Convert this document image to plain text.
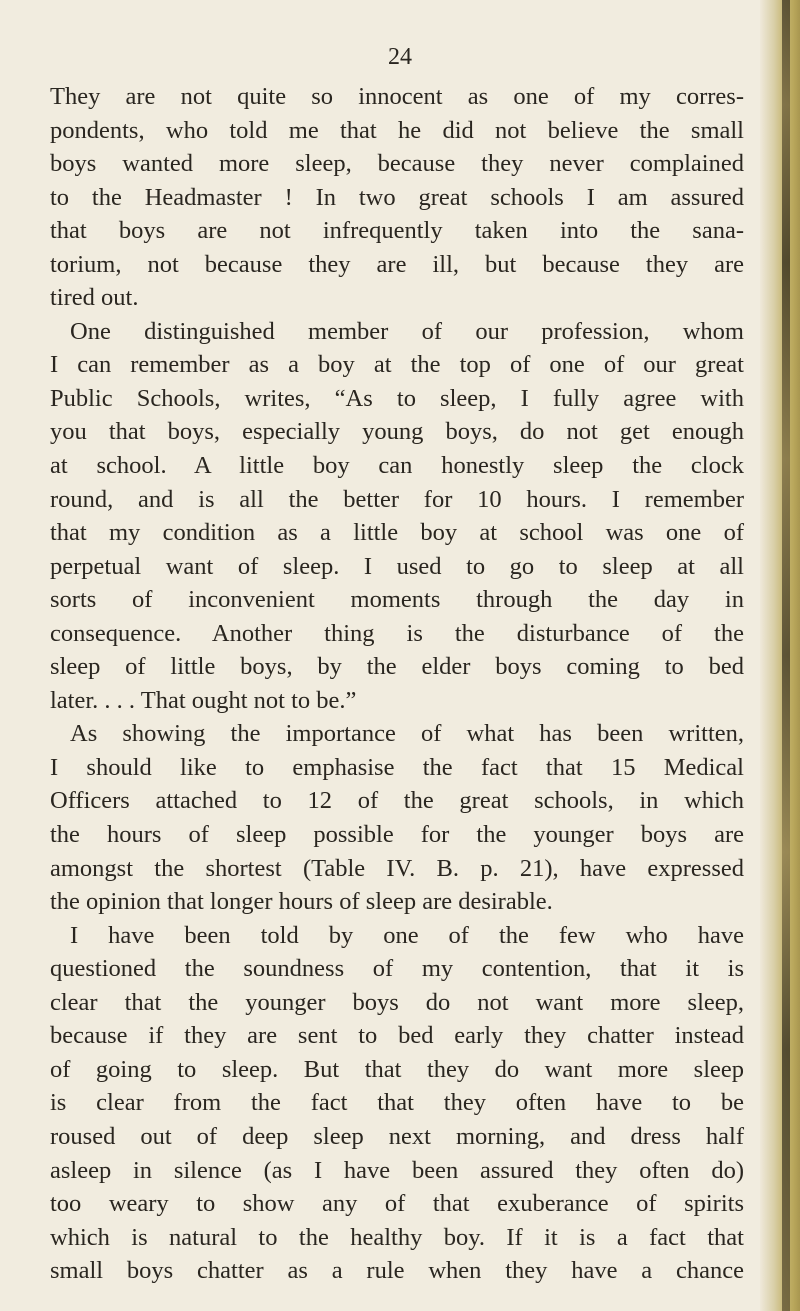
24
They are not quite so innocent as one of my corres-
pondents, who told me that he did not believe the small
boys wanted more sleep, because they never complained
to the Headmaster ! In two great schools I am assured
that boys are not infrequently taken into the sana-
torium, not because they are ill, but because they are
tired out.
One distinguished member of our profession, whom
I can remember as a boy at the top of one of our great
Public Schools, writes, “As to sleep, I fully agree with
you that boys, especially young boys, do not get enough
at school. A little boy can honestly sleep the clock
round, and is all the better for 10 hours. I remember
that my condition as a little boy at school was one of
perpetual want of sleep. I used to go to sleep at all
sorts of inconvenient moments through the day in
consequence. Another thing is the disturbance of the
sleep of little boys, by the elder boys coming to bed
later. . . . That ought not to be.”
As showing the importance of what has been written,
I should like to emphasise the fact that 15 Medical
Officers attached to 12 of the great schools, in which
the hours of sleep possible for the younger boys are
amongst the shortest (Table IV. B. p. 21), have expressed
the opinion that longer hours of sleep are desirable.
I have been told by one of the few who have
questioned the soundness of my contention, that it is
clear that the younger boys do not want more sleep,
because if they are sent to bed early they chatter instead
of going to sleep. But that they do want more sleep
is clear from the fact that they often have to be
roused out of deep sleep next morning, and dress half
asleep in silence (as I have been assured they often do)
too weary to show any of that exuberance of spirits
which is natural to the healthy boy. If it is a fact that
small boys chatter as a rule when they have a chance
